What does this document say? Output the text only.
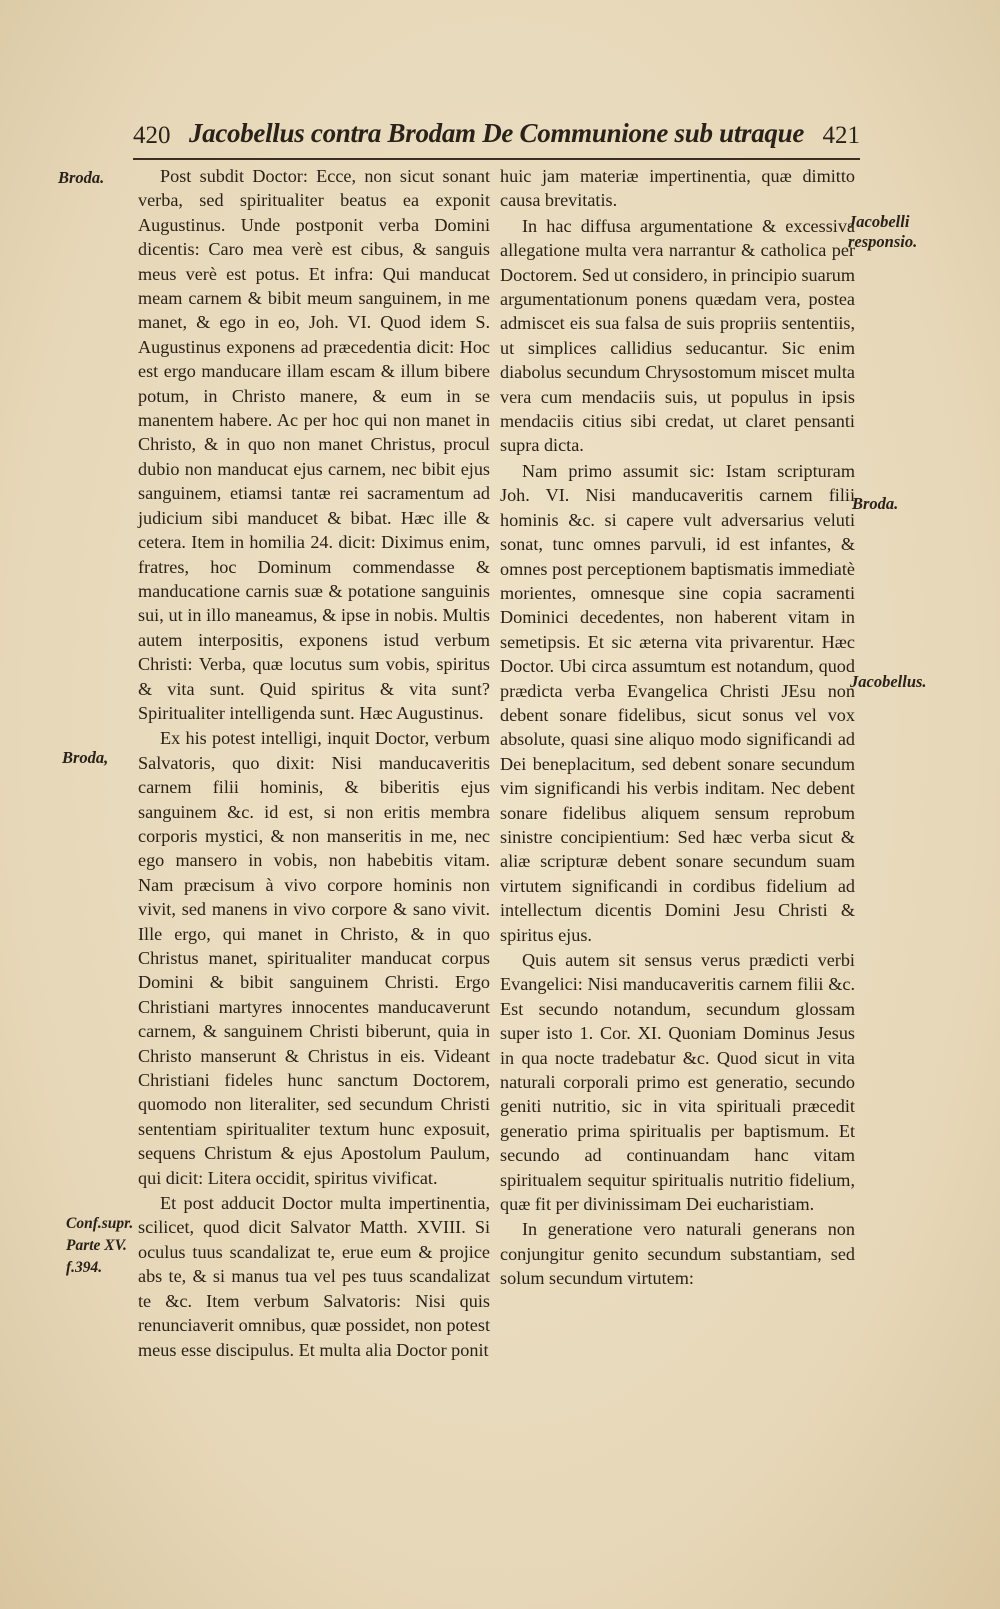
420 Jacobellus contra Brodam De Communione sub utraque 421
Broda.
Broda,
Conf.supr. Parte XV. f.394.
Jacobelli responsio.
Broda.
Jacobellus.

Post subdit Doctor: Ecce, non sicut sonant verba, sed spiritualiter beatus ea exponit Augustinus. Unde postponit verba Domini dicentis: Caro mea verè est cibus, & sanguis meus verè est potus. Et infra: Qui manducat meam carnem & bibit meum sanguinem, in me manet, & ego in eo, Joh. VI. Quod idem S. Augustinus exponens ad præcedentia dicit: Hoc est ergo manducare illam escam & illum bibere potum, in Christo manere, & eum in se manentem habere. Ac per hoc qui non manet in Christo, & in quo non manet Christus, procul dubio non manducat ejus carnem, nec bibit ejus sanguinem, etiamsi tantæ rei sacramentum ad judicium sibi manducet & bibat. Hæc ille & cetera. Item in homilia 24. dicit: Diximus enim, fratres, hoc Dominum commendasse & manducatione carnis suæ & potatione sanguinis sui, ut in illo maneamus, & ipse in nobis. Multis autem interpositis, exponens istud verbum Christi: Verba, quæ locutus sum vobis, spiritus & vita sunt. Quid spiritus & vita sunt? Spiritualiter intelligenda sunt. Hæc Augustinus.

Ex his potest intelligi, inquit Doctor, verbum Salvatoris, quo dixit: Nisi manducaveritis carnem filii hominis, & biberitis ejus sanguinem &c. id est, si non eritis membra corporis mystici, & non manseritis in me, nec ego mansero in vobis, non habebitis vitam. Nam præcisum à vivo corpore hominis non vivit, sed manens in vivo corpore & sano vivit. Ille ergo, qui manet in Christo, & in quo Christus manet, spiritualiter manducat corpus Domini & bibit sanguinem Christi. Ergo Christiani martyres innocentes manducaverunt carnem, & sanguinem Christi biberunt, quia in Christo manserunt & Christus in eis. Videant Christiani fideles hunc sanctum Doctorem, quomodo non literaliter, sed secundum Christi sententiam spiritualiter textum hunc exposuit, sequens Christum & ejus Apostolum Paulum, qui dicit: Litera occidit, spiritus vivificat.

Et post adducit Doctor multa impertinentia, scilicet, quod dicit Salvator Matth. XVIII. Si oculus tuus scandalizat te, erue eum & projice abs te, & si manus tua vel pes tuus scandalizat te &c. Item verbum Salvatoris: Nisi quis renunciaverit omnibus, quæ possidet, non potest meus esse discipulus. Et multa alia Doctor ponit

huic jam materiæ impertinentia, quæ dimitto causa brevitatis.

In hac diffusa argumentatione & excessiva allegatione multa vera narrantur & catholica per Doctorem. Sed ut considero, in principio suarum argumentationum ponens quædam vera, postea admiscet eis sua falsa de suis propriis sententiis, ut simplices callidius seducantur. Sic enim diabolus secundum Chrysostomum miscet multa vera cum mendaciis suis, ut populus in ipsis mendaciis citius sibi credat, ut claret pensanti supra dicta.

Nam primo assumit sic: Istam scripturam Joh. VI. Nisi manducaveritis carnem filii hominis &c. si capere vult adversarius veluti sonat, tunc omnes parvuli, id est infantes, & omnes post perceptionem baptismatis immediatè morientes, omnesque sine copia sacramenti Dominici decedentes, non haberent vitam in semetipsis. Et sic æterna vita privarentur. Hæc Doctor. Ubi circa assumtum est notandum, quod prædicta verba Evangelica Christi JEsu non debent sonare fidelibus, sicut sonus vel vox absolute, quasi sine aliquo modo significandi ad Dei beneplacitum, sed debent sonare secundum vim significandi his verbis inditam. Nec debent sonare fidelibus aliquem sensum reprobum sinistre concipientium: Sed hæc verba sicut & aliæ scripturæ debent sonare secundum suam virtutem significandi in cordibus fidelium ad intellectum dicentis Domini Jesu Christi & spiritus ejus.

Quis autem sit sensus verus prædicti verbi Evangelici: Nisi manducaveritis carnem filii &c. Est secundo notandum, secundum glossam super isto 1. Cor. XI. Quoniam Dominus Jesus in qua nocte tradebatur &c. Quod sicut in vita naturali corporali primo est generatio, secundo geniti nutritio, sic in vita spirituali præcedit generatio prima spiritualis per baptismum. Et secundo ad continuandam hanc vitam spiritualem sequitur spiritualis nutritio fidelium, quæ fit per divinissimam Dei eucharistiam.

In generatione vero naturali generans non conjungitur genito secundum substantiam, sed solum secundum virtutem:
